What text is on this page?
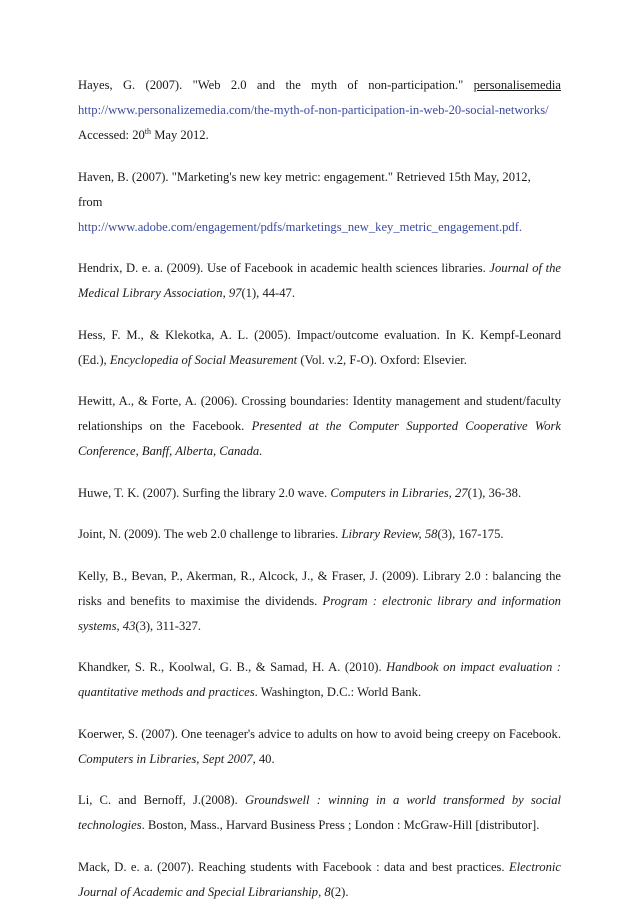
Hayes, G. (2007). "Web 2.0 and the myth of non-participation." personalisemedia http://www.personalizemedia.com/the-myth-of-non-participation-in-web-20-social-networks/ Accessed: 20th May 2012.

Haven, B. (2007). "Marketing's new key metric: engagement." Retrieved 15th May, 2012,
from
http://www.adobe.com/engagement/pdfs/marketings_new_key_metric_engagement.pdf.

Hendrix, D. e. a. (2009). Use of Facebook in academic health sciences libraries. Journal of the Medical Library Association, 97(1), 44-47.

Hess, F. M., & Klekotka, A. L. (2005). Impact/outcome evaluation. In K. Kempf-Leonard (Ed.), Encyclopedia of Social Measurement (Vol. v.2, F-O). Oxford: Elsevier.

Hewitt, A., & Forte, A. (2006). Crossing boundaries: Identity management and student/faculty relationships on the Facebook. Presented at the Computer Supported Cooperative Work Conference, Banff, Alberta, Canada.

Huwe, T. K. (2007). Surfing the library 2.0 wave. Computers in Libraries, 27(1), 36-38.

Joint, N. (2009). The web 2.0 challenge to libraries. Library Review, 58(3), 167-175.

Kelly, B., Bevan, P., Akerman, R., Alcock, J., & Fraser, J. (2009). Library 2.0 : balancing the risks and benefits to maximise the dividends. Program : electronic library and information systems, 43(3), 311-327.

Khandker, S. R., Koolwal, G. B., & Samad, H. A. (2010). Handbook on impact evaluation : quantitative methods and practices. Washington, D.C.: World Bank.

Koerwer, S. (2007). One teenager's advice to adults on how to avoid being creepy on Facebook. Computers in Libraries, Sept 2007, 40.

Li, C. and Bernoff, J.(2008). Groundswell : winning in a world transformed by social technologies. Boston, Mass., Harvard Business Press ; London : McGraw-Hill [distributor].

Mack, D. e. a. (2007). Reaching students with Facebook : data and best practices. Electronic Journal of Academic and Special Librarianship, 8(2).
